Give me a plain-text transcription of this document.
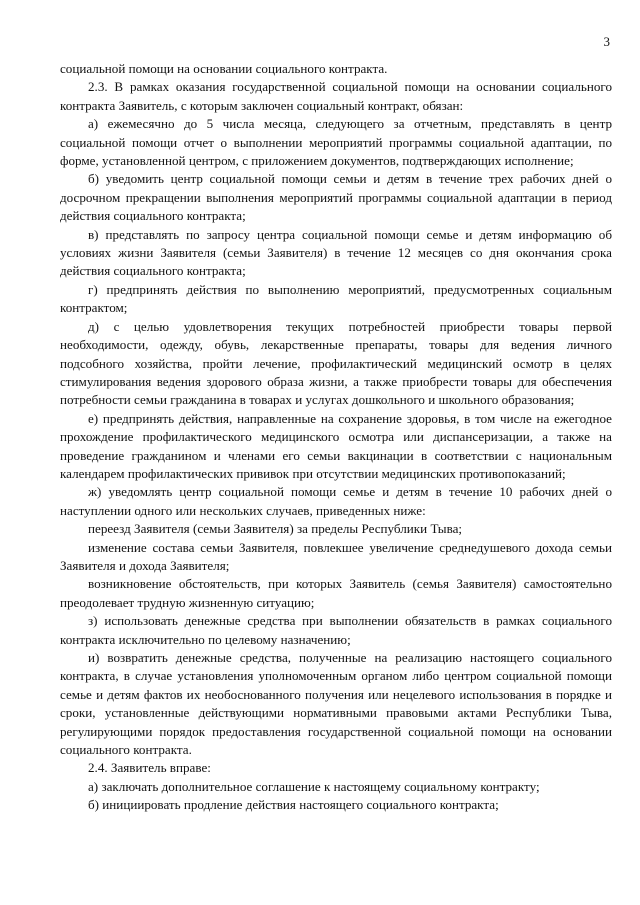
3

социальной помощи на основании социального контракта.

2.3. В рамках оказания государственной социальной помощи на основании социального контракта Заявитель, с которым заключен социальный контракт, обязан:

а) ежемесячно до 5 числа месяца, следующего за отчетным, представлять в центр социальной помощи отчет о выполнении мероприятий программы социальной адаптации, по форме, установленной центром, с приложением документов, подтверждающих исполнение;

б) уведомить центр социальной помощи семьи и детям в течение трех рабочих дней о досрочном прекращении выполнения мероприятий программы социальной адаптации в период действия социального контракта;

в) представлять по запросу центра социальной помощи семье и детям информацию об условиях жизни Заявителя (семьи Заявителя) в течение 12 месяцев со дня окончания срока действия социального контракта;

г) предпринять действия по выполнению мероприятий, предусмотренных социальным контрактом;

д) с целью удовлетворения текущих потребностей приобрести товары первой необходимости, одежду, обувь, лекарственные препараты, товары для ведения личного подсобного хозяйства, пройти лечение, профилактический медицинский осмотр в целях стимулирования ведения здорового образа жизни, а также приобрести товары для обеспечения потребности семьи гражданина в товарах и услугах дошкольного и школьного образования;

е) предпринять действия, направленные на сохранение здоровья, в том числе на ежегодное прохождение профилактического медицинского осмотра или диспансеризации, а также на проведение гражданином и членами его семьи вакцинации в соответствии с национальным календарем профилактических прививок при отсутствии медицинских противопоказаний;

ж) уведомлять центр социальной помощи семье и детям в течение 10 рабочих дней о наступлении одного или нескольких случаев, приведенных ниже:

переезд Заявителя (семьи Заявителя) за пределы Республики Тыва;

изменение состава семьи Заявителя, повлекшее увеличение среднедушевого дохода семьи Заявителя и дохода Заявителя;

возникновение обстоятельств, при которых Заявитель (семья Заявителя) самостоятельно преодолевает трудную жизненную ситуацию;

з) использовать денежные средства при выполнении обязательств в рамках социального контракта исключительно по целевому назначению;

и) возвратить денежные средства, полученные на реализацию настоящего социального контракта, в случае установления уполномоченным органом либо центром социальной помощи семье и детям фактов их необоснованного получения или нецелевого использования в порядке и сроки, установленные действующими нормативными правовыми актами Республики Тыва, регулирующими порядок предоставления государственной социальной помощи на основании социального контракта.

2.4. Заявитель вправе:

а) заключать дополнительное соглашение к настоящему социальному контракту;

б) инициировать продление действия настоящего социального контракта;
